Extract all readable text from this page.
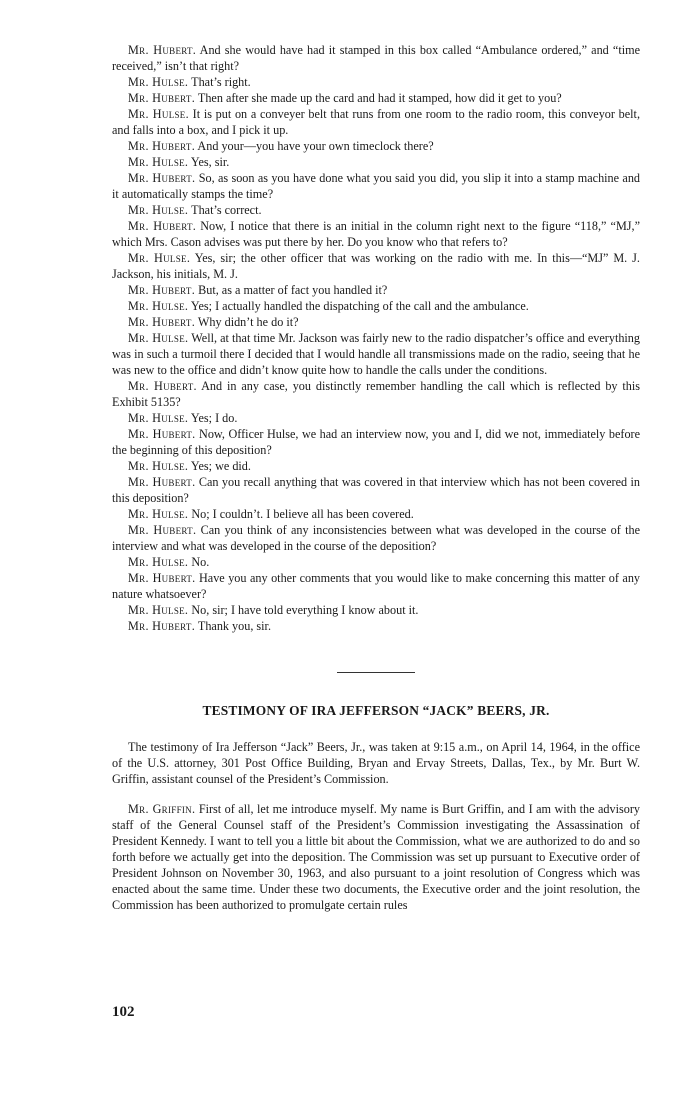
Mr. Hubert. And she would have had it stamped in this box called “Ambulance ordered,” and “time received,” isn’t that right?

Mr. Hulse. That’s right.

Mr. Hubert. Then after she made up the card and had it stamped, how did it get to you?

Mr. Hulse. It is put on a conveyer belt that runs from one room to the radio room, this conveyor belt, and falls into a box, and I pick it up.

Mr. Hubert. And your—you have your own timeclock there?

Mr. Hulse. Yes, sir.

Mr. Hubert. So, as soon as you have done what you said you did, you slip it into a stamp machine and it automatically stamps the time?

Mr. Hulse. That’s correct.

Mr. Hubert. Now, I notice that there is an initial in the column right next to the figure “118,” “MJ,” which Mrs. Cason advises was put there by her. Do you know who that refers to?

Mr. Hulse. Yes, sir; the other officer that was working on the radio with me. In this—“MJ” M. J. Jackson, his initials, M. J.

Mr. Hubert. But, as a matter of fact you handled it?

Mr. Hulse. Yes; I actually handled the dispatching of the call and the ambulance.

Mr. Hubert. Why didn’t he do it?

Mr. Hulse. Well, at that time Mr. Jackson was fairly new to the radio dispatcher’s office and everything was in such a turmoil there I decided that I would handle all transmissions made on the radio, seeing that he was new to the office and didn’t know quite how to handle the calls under the conditions.

Mr. Hubert. And in any case, you distinctly remember handling the call which is reflected by this Exhibit 5135?

Mr. Hulse. Yes; I do.

Mr. Hubert. Now, Officer Hulse, we had an interview now, you and I, did we not, immediately before the beginning of this deposition?

Mr. Hulse. Yes; we did.

Mr. Hubert. Can you recall anything that was covered in that interview which has not been covered in this deposition?

Mr. Hulse. No; I couldn’t. I believe all has been covered.

Mr. Hubert. Can you think of any inconsistencies between what was developed in the course of the interview and what was developed in the course of the deposition?

Mr. Hulse. No.

Mr. Hubert. Have you any other comments that you would like to make concerning this matter of any nature whatsoever?

Mr. Hulse. No, sir; I have told everything I know about it.

Mr. Hubert. Thank you, sir.

TESTIMONY OF IRA JEFFERSON “JACK” BEERS, JR.

The testimony of Ira Jefferson “Jack” Beers, Jr., was taken at 9:15 a.m., on April 14, 1964, in the office of the U.S. attorney, 301 Post Office Building, Bryan and Ervay Streets, Dallas, Tex., by Mr. Burt W. Griffin, assistant counsel of the President’s Commission.

Mr. Griffin. First of all, let me introduce myself. My name is Burt Griffin, and I am with the advisory staff of the General Counsel staff of the President’s Commission investigating the Assassination of President Kennedy. I want to tell you a little bit about the Commission, what we are authorized to do and so forth before we actually get into the deposition. The Commission was set up pursuant to Executive order of President Johnson on November 30, 1963, and also pursuant to a joint resolution of Congress which was enacted about the same time. Under these two documents, the Executive order and the joint resolution, the Commission has been authorized to promulgate certain rules

102
